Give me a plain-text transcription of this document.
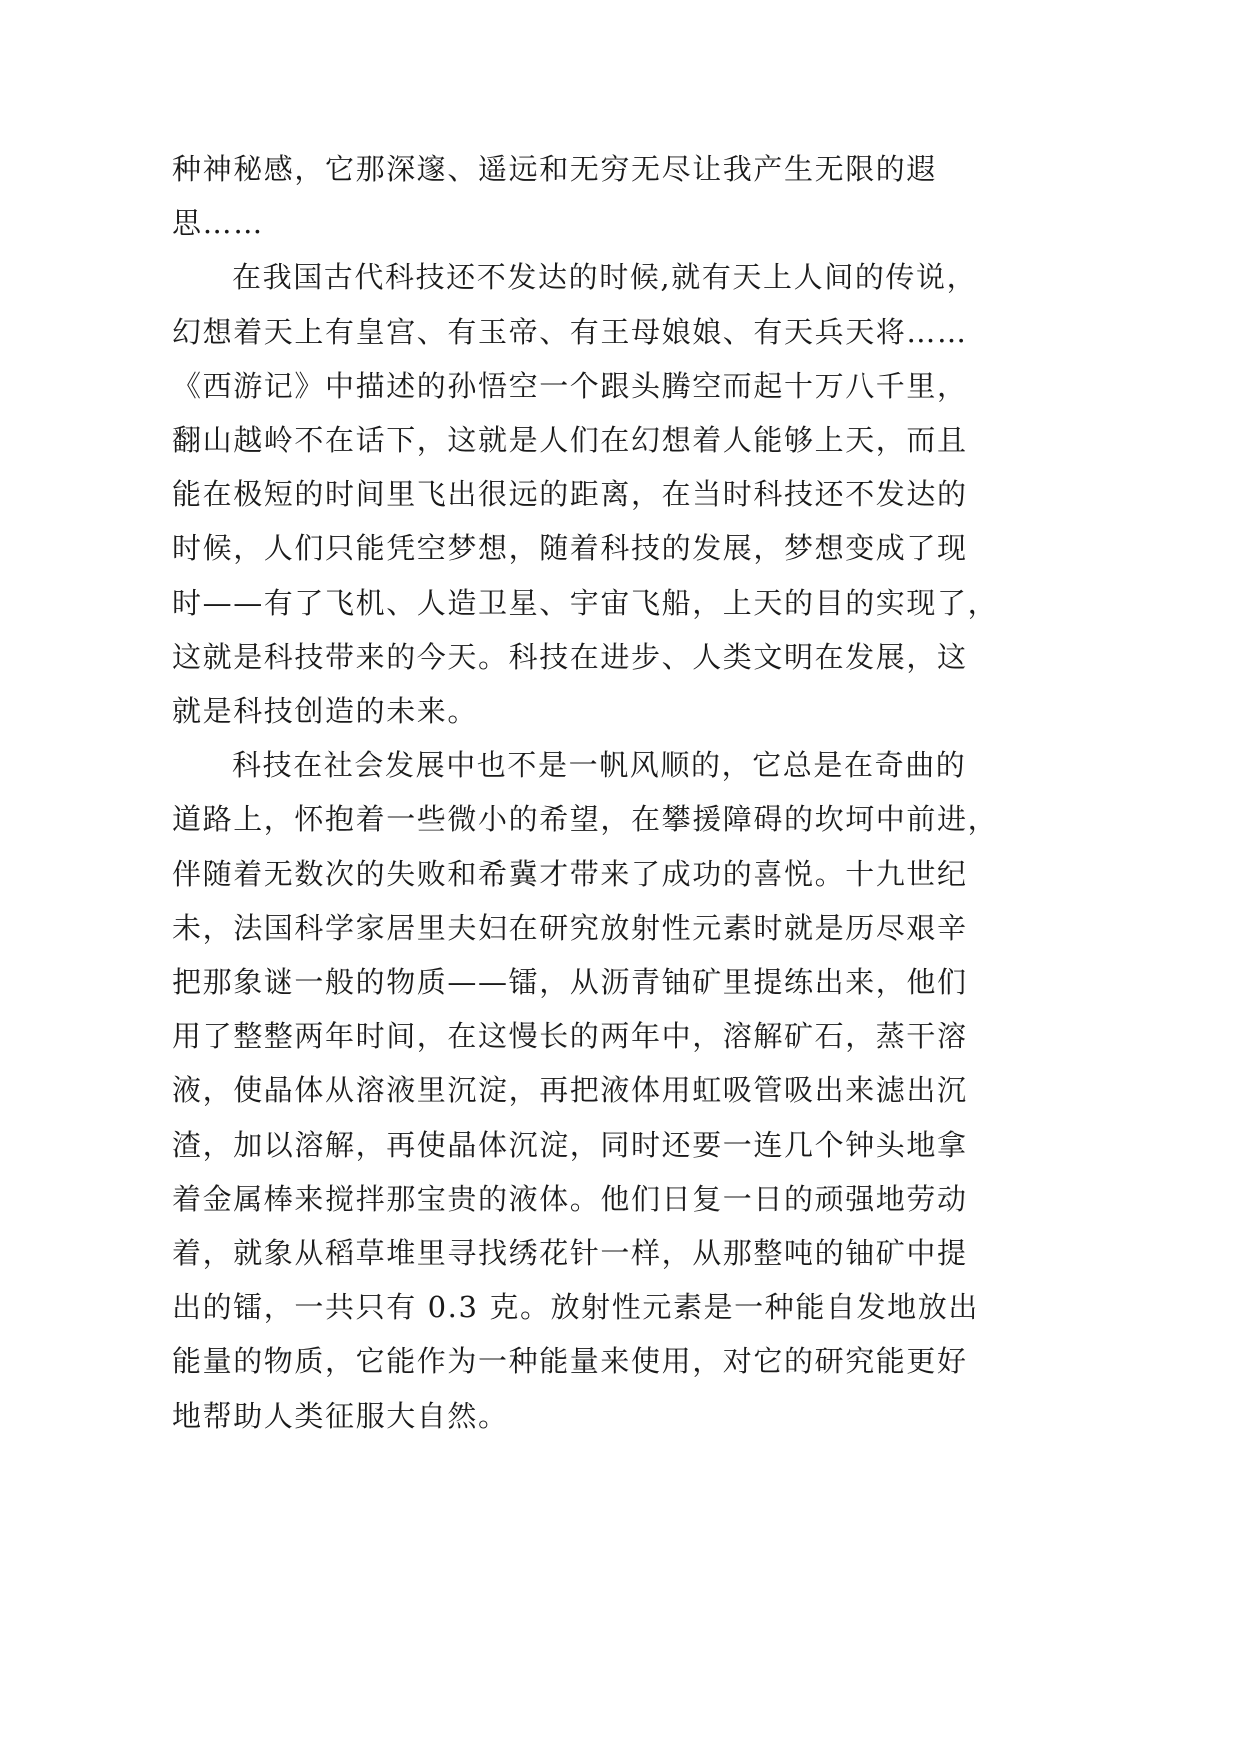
种神秘感，它那深邃、遥远和无穷无尽让我产生无限的遐
思……
在我国古代科技还不发达的时候,就有天上人间的传说，
幻想着天上有皇宫、有玉帝、有王母娘娘、有天兵天将……
《西游记》中描述的孙悟空一个跟头腾空而起十万八千里，
翻山越岭不在话下，这就是人们在幻想着人能够上天，而且
能在极短的时间里飞出很远的距离，在当时科技还不发达的
时候，人们只能凭空梦想，随着科技的发展，梦想变成了现
时——有了飞机、人造卫星、宇宙飞船，上天的目的实现了，
这就是科技带来的今天。科技在进步、人类文明在发展，这
就是科技创造的未来。
科技在社会发展中也不是一帆风顺的，它总是在奇曲的
道路上，怀抱着一些微小的希望，在攀援障碍的坎坷中前进，
伴随着无数次的失败和希冀才带来了成功的喜悦。十九世纪
未，法国科学家居里夫妇在研究放射性元素时就是历尽艰辛
把那象谜一般的物质——镭，从沥青铀矿里提练出来，他们
用了整整两年时间，在这慢长的两年中，溶解矿石，蒸干溶
液，使晶体从溶液里沉淀，再把液体用虹吸管吸出来滤出沉
渣，加以溶解，再使晶体沉淀，同时还要一连几个钟头地拿
着金属棒来搅拌那宝贵的液体。他们日复一日的顽强地劳动
着，就象从稻草堆里寻找绣花针一样，从那整吨的铀矿中提
出的镭，一共只有 0.3 克。放射性元素是一种能自发地放出
能量的物质，它能作为一种能量来使用，对它的研究能更好
地帮助人类征服大自然。
